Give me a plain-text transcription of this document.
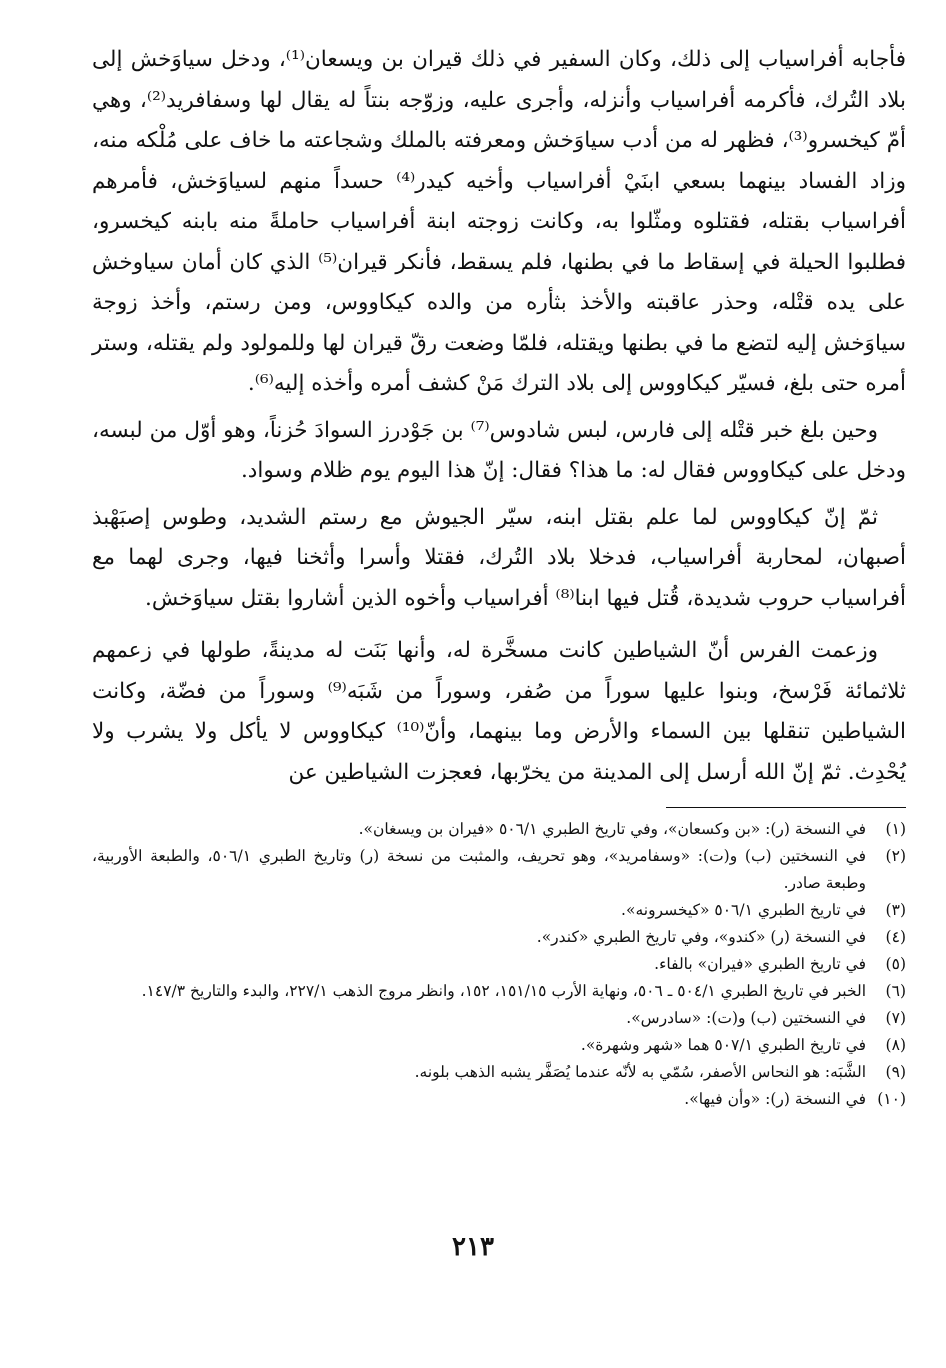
فأجابه أفراسياب إلى ذلك، وكان السفير في ذلك قيران بن ويسعان⁽¹⁾، ودخل سياوَخش إلى بلاد التُرك، فأكرمه أفراسياب وأنزله، وأجرى عليه، وزوّجه بنتاً له يقال لها وسفافريد⁽²⁾، وهي أمّ كيخسرو⁽³⁾، فظهر له من أدب سياوَخش ومعرفته بالملك وشجاعته ما خاف على مُلْكه منه، وزاد الفساد بينهما بسعي ابنَيْ أفراسياب وأخيه كيدر⁽⁴⁾ حسداً منهم لسياوَخش، فأمرهم أفراسياب بقتله، فقتلوه ومثّلوا به، وكانت زوجته ابنة أفراسياب حاملةً منه بابنه كيخسرو، فطلبوا الحيلة في إسقاط ما في بطنها، فلم يسقط، فأنكر قيران⁽⁵⁾ الذي كان أمان سياوخش على يده قتْله، وحذر عاقبته والأخذ بثأره من والده كيكاووس، ومن رستم، وأخذ زوجة سياوَخش إليه لتضع ما في بطنها ويقتله، فلمّا وضعت رقّ قيران لها وللمولود ولم يقتله، وستر أمره حتى بلغ، فسيّر كيكاووس إلى بلاد الترك مَنْ كشف أمره وأخذه إليه⁽⁶⁾.

وحين بلغ خبر قتْله إلى فارس، لبس شادوس⁽⁷⁾ بن جَوْدرز السوادَ حُزناً، وهو أوّل من لبسه، ودخل على كيكاووس فقال له: ما هذا؟ فقال: إنّ هذا اليوم يوم ظلام وسواد.

ثمّ إنّ كيكاووس لما علم بقتل ابنه، سيّر الجيوش مع رستم الشديد، وطوس إصبَهْبذ أصبهان، لمحاربة أفراسياب، فدخلا بلاد التُرك، فقتلا وأسرا وأثخنا فيها، وجرى لهما مع أفراسياب حروب شديدة، قُتل فيها ابنا⁽⁸⁾ أفراسياب وأخوه الذين أشاروا بقتل سياوَخش.

وزعمت الفرس أنّ الشياطين كانت مسخَّرة له، وأنها بَنَت له مدينةً، طولها في زعمهم ثلاثمائة فَرْسخ، وبنوا عليها سوراً من صُفر، وسوراً من شَبَه⁽⁹⁾ وسوراً من فضّة، وكانت الشياطين تنقلها بين السماء والأرض وما بينهما، وأنّ⁽¹⁰⁾ كيكاووس لا يأكل ولا يشرب ولا يُحْدِث. ثمّ إنّ الله أرسل إلى المدينة من يخرّبها، فعجزت الشياطين عن

(١)
في النسخة (ر): «بن وكسعان»، وفي تاريخ الطبري ٥٠٦/١ «فيران بن ويسغان».
(٢)
في النسختين (ب) و(ت): «وسفامريد»، وهو تحريف، والمثبت من نسخة (ر) وتاريخ الطبري ٥٠٦/١، والطبعة الأوربية، وطبعة صادر.
(٣)
في تاريخ الطبري ٥٠٦/١ «كيخسرونه».
(٤)
في النسخة (ر) «كندو»، وفي تاريخ الطبري «كندر».
(٥)
في تاريخ الطبري «فيران» بالفاء.
(٦)
الخبر في تاريخ الطبري ٥٠٤/١ ـ ٥٠٦، ونهاية الأرب ١٥١/١٥، ١٥٢، وانظر مروج الذهب ٢٢٧/١، والبدء والتاريخ ١٤٧/٣.
(٧)
في النسختين (ب) و(ت): «سادرس».
(٨)
في تاريخ الطبري ٥٠٧/١ هما «شهر وشهرة».
(٩)
الشَّبَه: هو النحاس الأصفر، سُمّي به لأنّه عندما يُصَفَّر يشبه الذهب بلونه.
(١٠)
في النسخة (ر): «وأن فيها».
٢١٣
